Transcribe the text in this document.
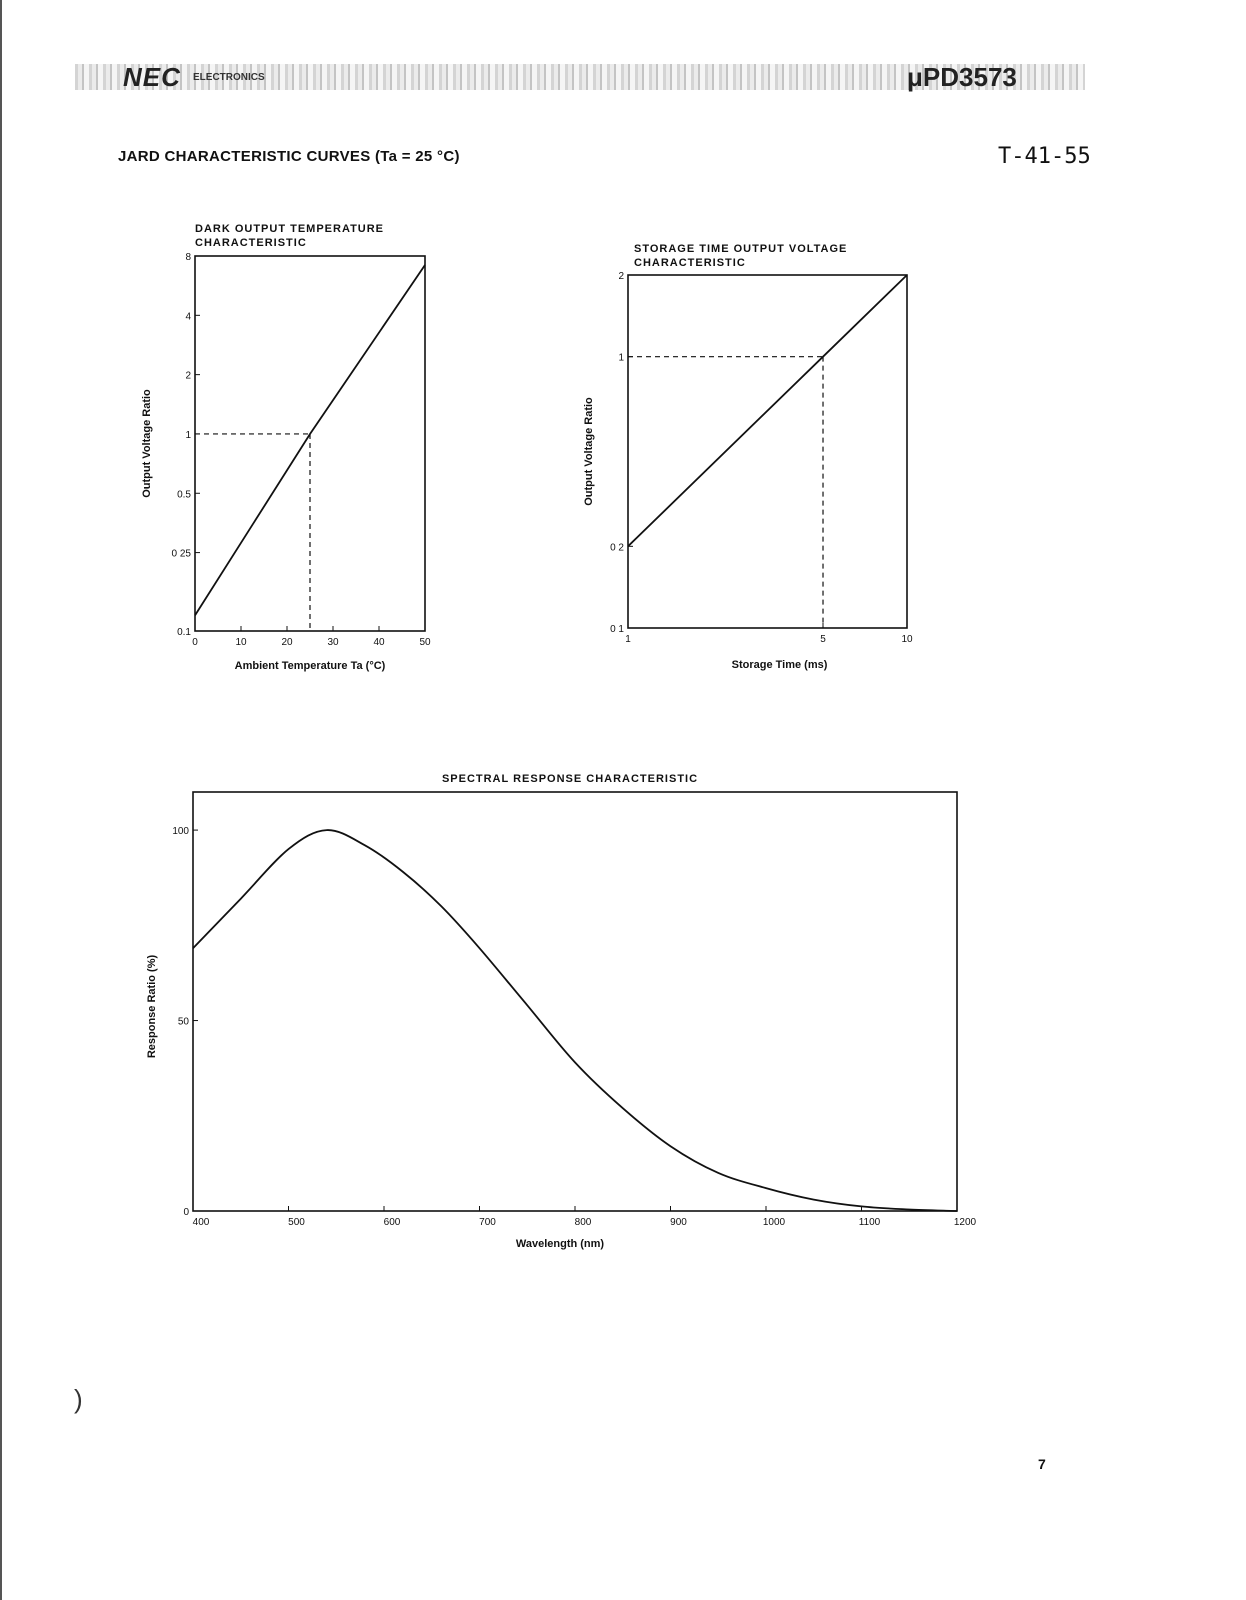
NEC ELECTRONICS	μPD3573
JARD CHARACTERISTIC CURVES (Ta = 25 °C)	T-41-55
)
7
DARK OUTPUT TEMPERATURE
CHARACTERISTIC
0.1
0 25
0.5
1
2
4
8
0	10	20	30	40	50
Ambient Temperature Ta (°C)
Output Voltage Ratio
STORAGE TIME OUTPUT VOLTAGE
CHARACTERISTIC
0 1
0 2
1
2
1	5	10
Storage Time (ms)
Output Voltage Ratio
SPECTRAL RESPONSE CHARACTERISTIC
0
50
100
400	500	600	700	800	900	1000	1100	1200
Wavelength (nm)
Response Ratio (%)
